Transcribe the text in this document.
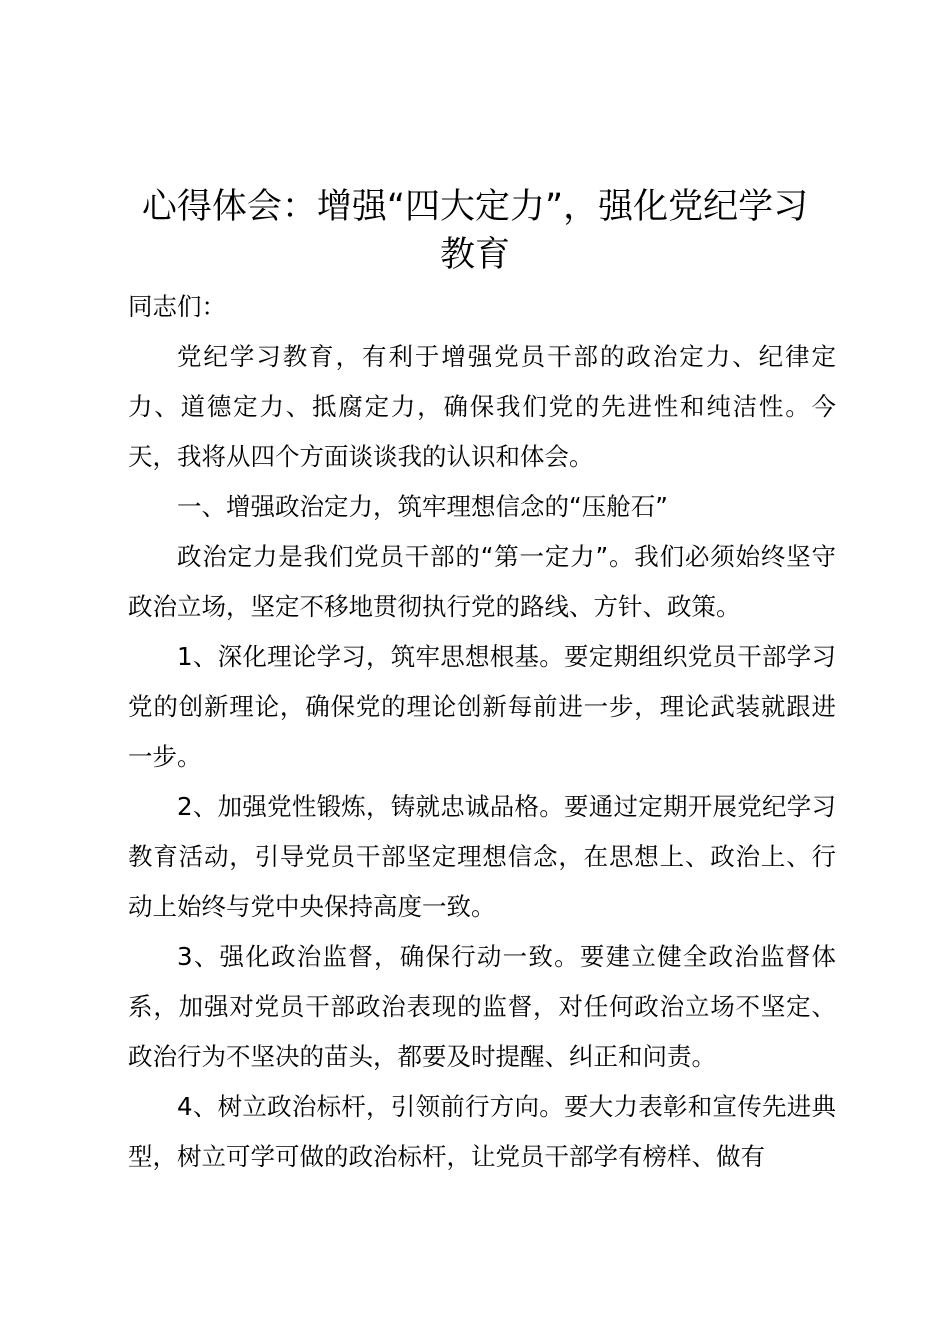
心得体会：增强“四大定力”，强化党纪学习
教育

同志们：

党纪学习教育，有利于增强党员干部的政治定力、纪律定力、道德定力、抵腐定力，确保我们党的先进性和纯洁性。今天，我将从四个方面谈谈我的认识和体会。

一、增强政治定力，筑牢理想信念的“压舱石”

政治定力是我们党员干部的“第一定力”。我们必须始终坚守政治立场，坚定不移地贯彻执行党的路线、方针、政策。

1、深化理论学习，筑牢思想根基。要定期组织党员干部学习党的创新理论，确保党的理论创新每前进一步，理论武装就跟进一步。

2、加强党性锻炼，铸就忠诚品格。要通过定期开展党纪学习教育活动，引导党员干部坚定理想信念，在思想上、政治上、行动上始终与党中央保持高度一致。

3、强化政治监督，确保行动一致。要建立健全政治监督体系，加强对党员干部政治表现的监督，对任何政治立场不坚定、政治行为不坚决的苗头，都要及时提醒、纠正和问责。

4、树立政治标杆，引领前行方向。要大力表彰和宣传先进典型，树立可学可做的政治标杆，让党员干部学有榜样、做有
